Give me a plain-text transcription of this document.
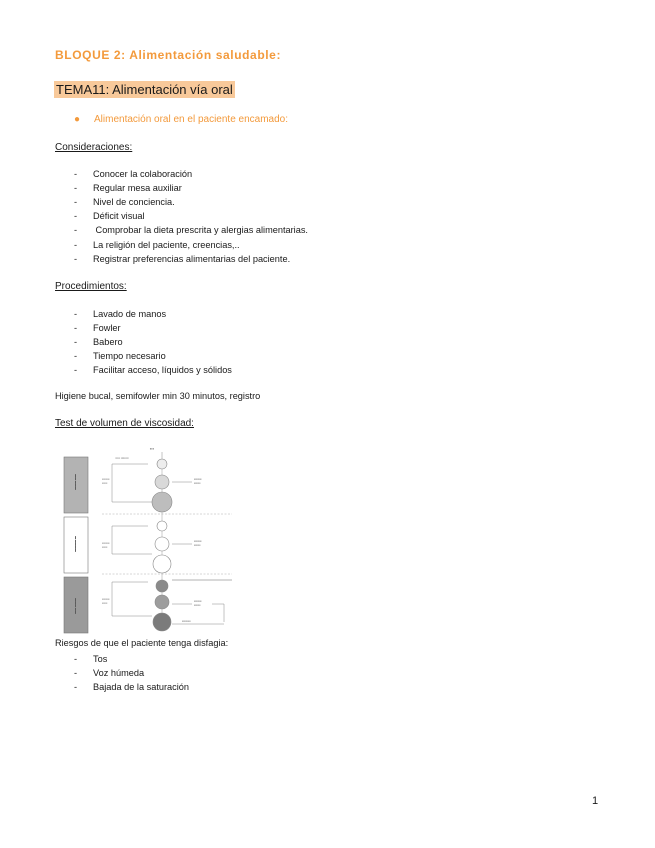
BLOQUE 2: Alimentación saludable:
TEMA11: Alimentación vía oral
● Alimentación oral en el paciente encamado:
Consideraciones:
-	Conocer la colaboración
-	Regular mesa auxiliar
-	Nivel de conciencia.
-	Déficit visual
-	Comprobar la dieta prescrita y alergias alimentarias.
-	La religión del paciente, creencias,..
-	Registrar preferencias alimentarias del paciente.
Procedimientos:
-	Lavado de manos
-	Fowler
-	Babero
-	Tiempo necesario
-	Facilitar acceso, líquidos y sólidos
Higiene bucal, semifowler min 30 minutos, registro
Test de volumen de viscosidad:
▬▬▬ ▬▬
▬▬▬▬ ▬
▬▬ ▬▬▬
▪▪▪
▪▪▪▪ ▪▪▪▪▪▪▪
▪▪▪▪▪▪▪
▪▪▪▪▪
▪▪▪▪▪▪▪
▪▪▪▪▪
▪▪▪▪▪▪▪
▪▪▪▪▪
▪▪▪▪▪▪▪
▪▪▪▪▪▪
▪▪▪▪▪▪▪
▪▪▪▪▪▪
▪▪▪▪▪▪▪
▪▪▪▪▪▪
▪▪▪▪▪▪▪▪
Riesgos de que el paciente tenga disfagia:
-	Tos
-	Voz húmeda
-	Bajada de la saturación
1
